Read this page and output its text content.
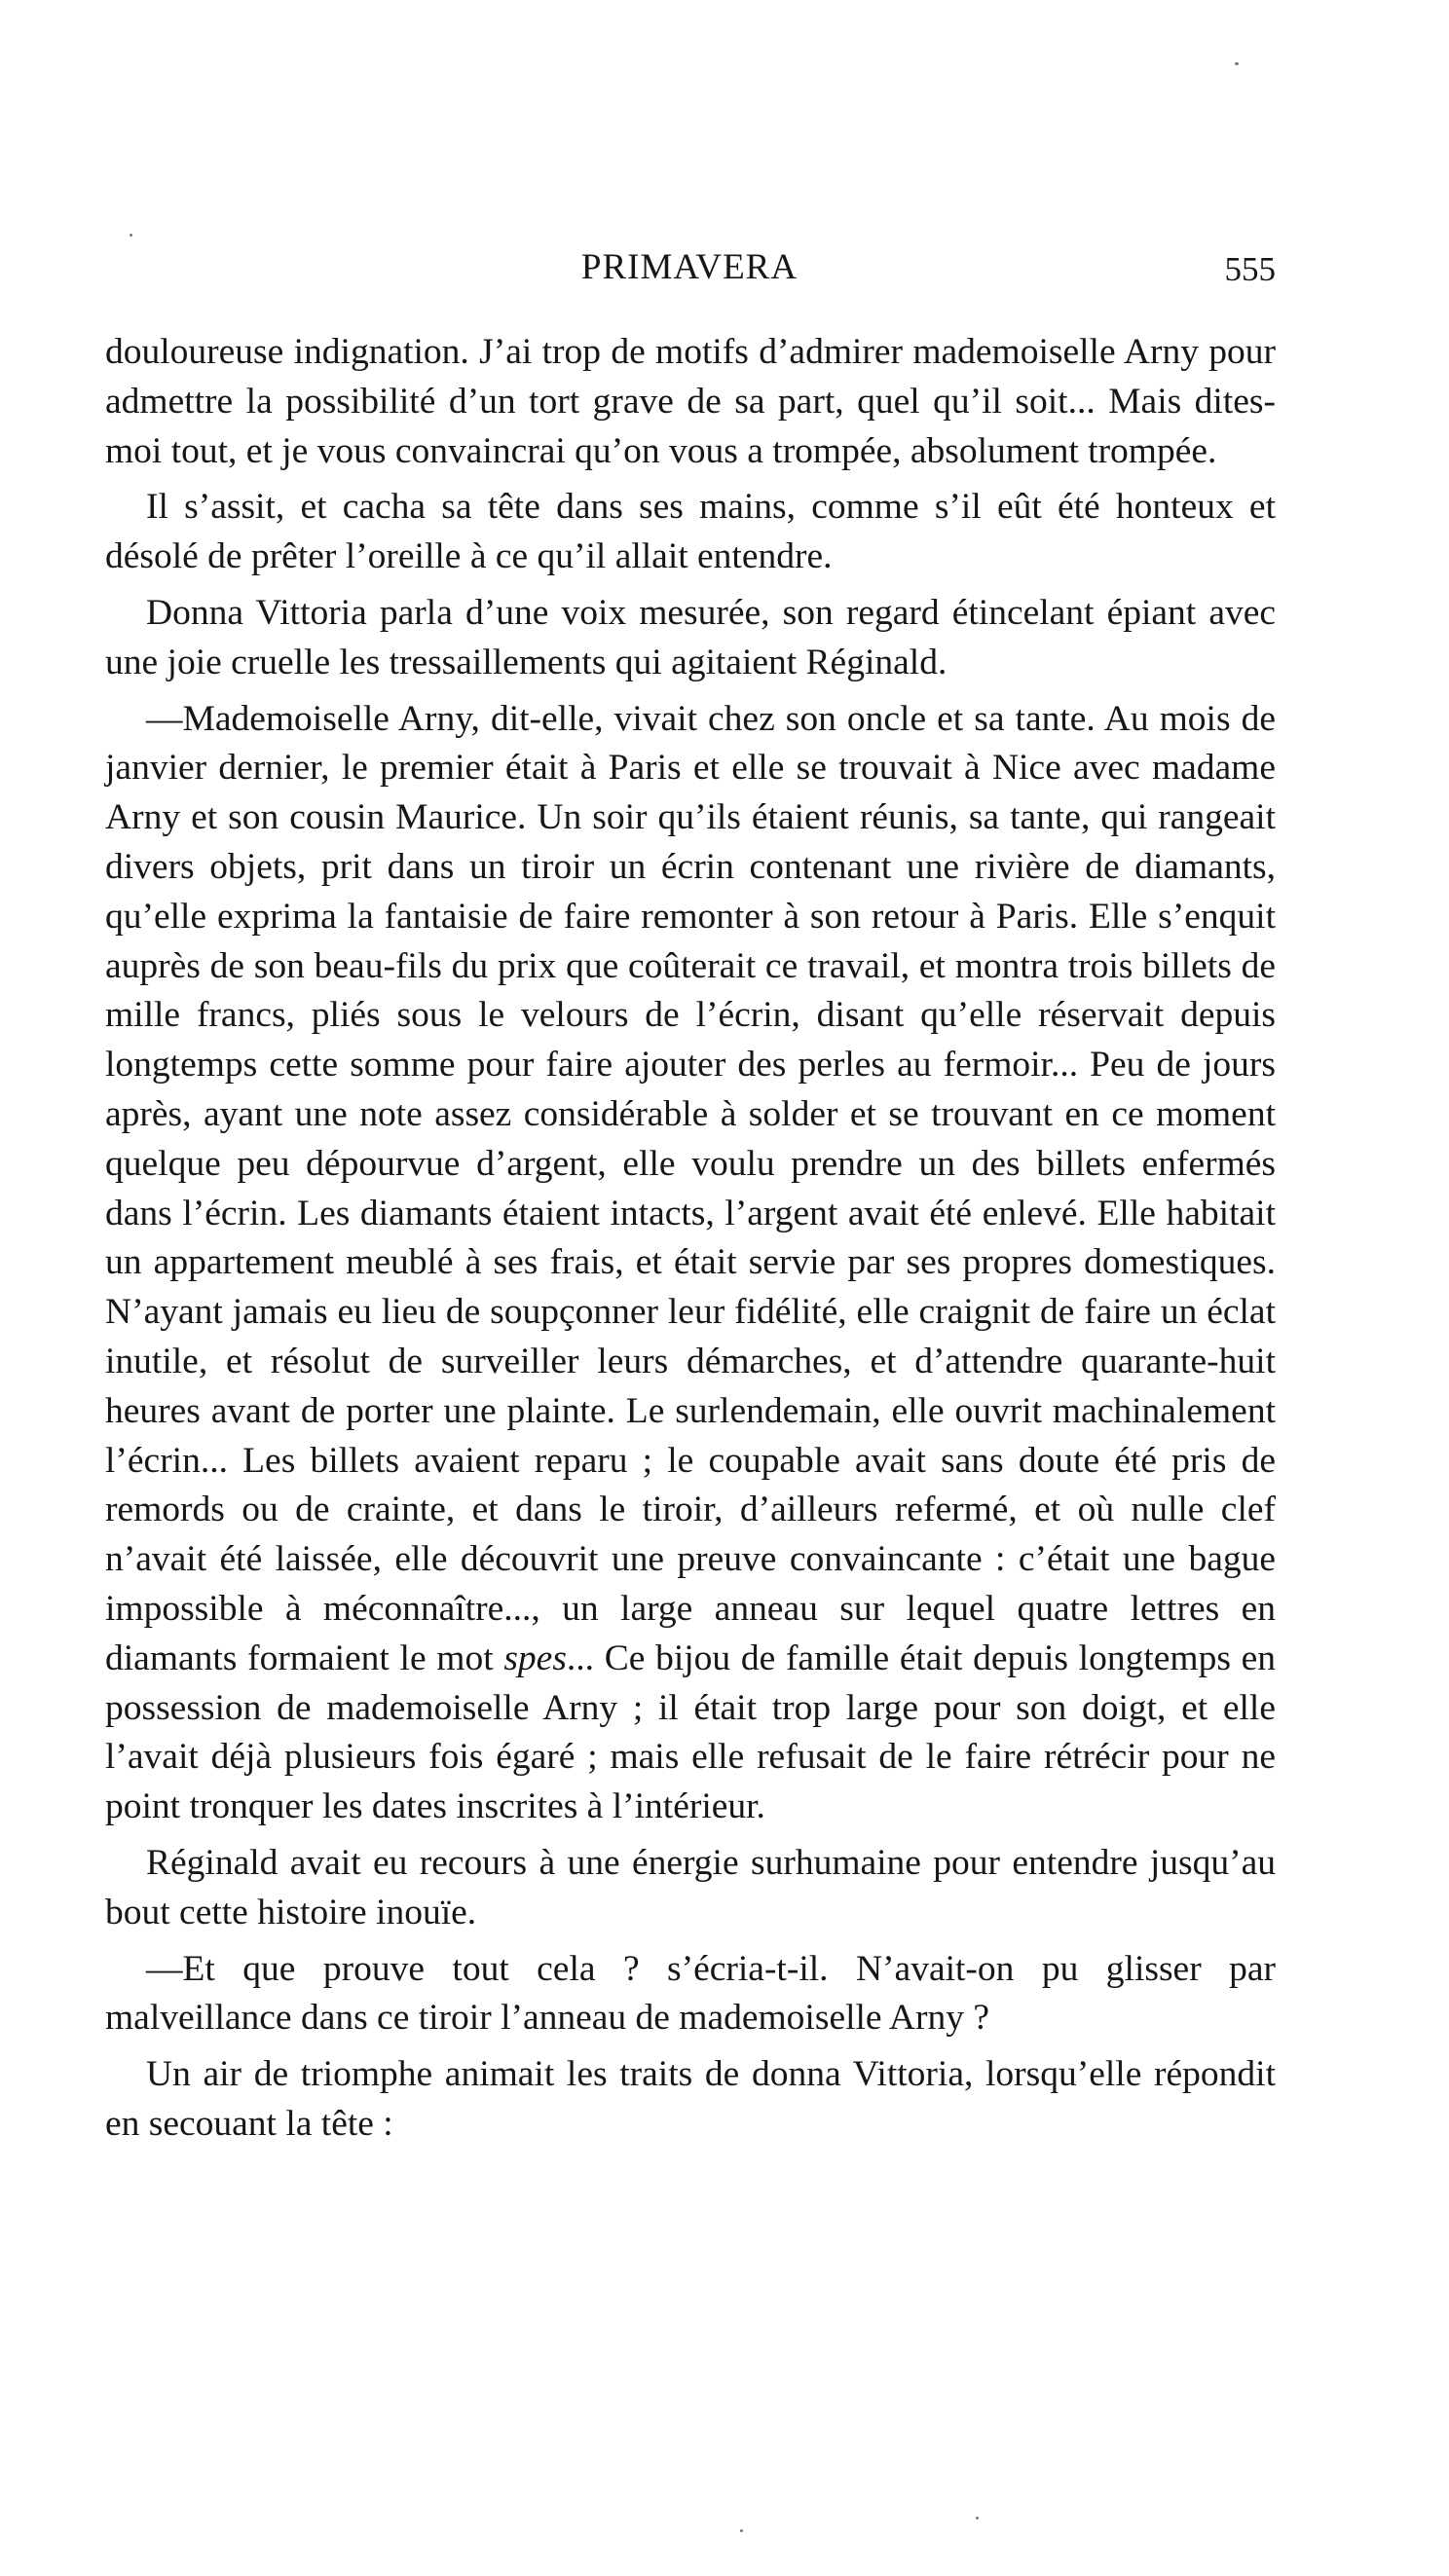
PRIMAVERA	555

douloureuse indignation. J’ai trop de motifs d’admirer mademoiselle Arny pour admettre la possibilité d’un tort grave de sa part, quel qu’il soit... Mais dites-moi tout, et je vous convaincrai qu’on vous a trompée, absolument trompée.

Il s’assit, et cacha sa tête dans ses mains, comme s’il eût été honteux et désolé de prêter l’oreille à ce qu’il allait entendre.

Donna Vittoria parla d’une voix mesurée, son regard étincelant épiant avec une joie cruelle les tressaillements qui agitaient Réginald.

—Mademoiselle Arny, dit-elle, vivait chez son oncle et sa tante. Au mois de janvier dernier, le premier était à Paris et elle se trouvait à Nice avec madame Arny et son cousin Maurice. Un soir qu’ils étaient réunis, sa tante, qui rangeait divers objets, prit dans un tiroir un écrin contenant une rivière de diamants, qu’elle exprima la fantaisie de faire remonter à son retour à Paris. Elle s’enquit auprès de son beau-fils du prix que coûterait ce travail, et montra trois billets de mille francs, pliés sous le velours de l’écrin, disant qu’elle réservait depuis longtemps cette somme pour faire ajouter des perles au fermoir... Peu de jours après, ayant une note assez considérable à solder et se trouvant en ce moment quelque peu dépourvue d’argent, elle voulu prendre un des billets enfermés dans l’écrin. Les diamants étaient intacts, l’argent avait été enlevé. Elle habitait un appartement meublé à ses frais, et était servie par ses propres domestiques. N’ayant jamais eu lieu de soupçonner leur fidélité, elle craignit de faire un éclat inutile, et résolut de surveiller leurs démarches, et d’attendre quarante-huit heures avant de porter une plainte. Le surlendemain, elle ouvrit machinalement l’écrin... Les billets avaient reparu ; le coupable avait sans doute été pris de remords ou de crainte, et dans le tiroir, d’ailleurs refermé, et où nulle clef n’avait été laissée, elle découvrit une preuve convaincante : c’était une bague impossible à méconnaître..., un large anneau sur lequel quatre lettres en diamants formaient le mot spes... Ce bijou de famille était depuis longtemps en possession de mademoiselle Arny ; il était trop large pour son doigt, et elle l’avait déjà plusieurs fois égaré ; mais elle refusait de le faire rétrécir pour ne point tronquer les dates inscrites à l’intérieur.

Réginald avait eu recours à une énergie surhumaine pour entendre jusqu’au bout cette histoire inouïe.

—Et que prouve tout cela ? s’écria-t-il. N’avait-on pu glisser par malveillance dans ce tiroir l’anneau de mademoiselle Arny ?

Un air de triomphe animait les traits de donna Vittoria, lorsqu’elle répondit en secouant la tête :
